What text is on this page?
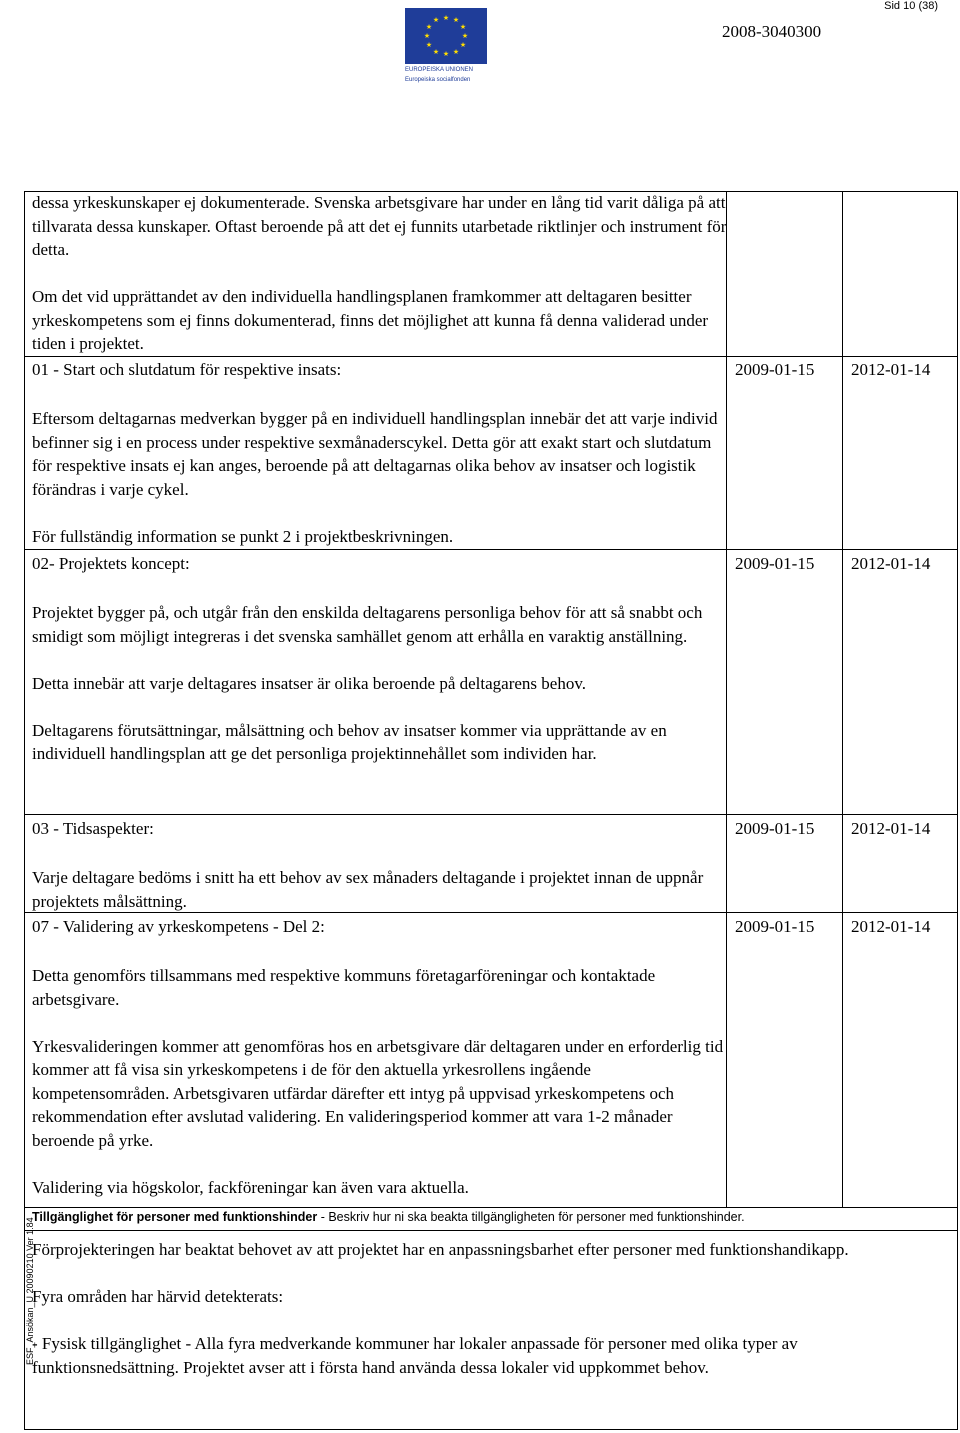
Sid 10 (38)
★ ★
★
★
★
★
★
★
★
★
★
★
EUROPEISKA UNIONEN
Europeiska socialfonden
2008-3040300
ESF_Ansökan_U 20090210 Ver 1.84

dessa yrkeskunskaper ej dokumenterade. Svenska arbetsgivare har under en lång tid varit dåliga på att tillvarata dessa kunskaper. Oftast beroende på att det ej funnits utarbetade riktlinjer och instrument för detta.

Om det vid upprättandet av den individuella handlingsplanen framkommer att deltagaren besitter yrkeskompetens som ej finns dokumenterad, finns det möjlighet att kunna få denna validerad under tiden i projektet.

01 - Start och slutdatum för respektive insats:	2009-01-15 2012-01-14

Eftersom deltagarnas medverkan bygger på en individuell handlingsplan innebär det att varje individ befinner sig i en process under respektive sexmånaderscykel. Detta gör att exakt start och slutdatum för respektive insats ej kan anges, beroende på att deltagarnas olika behov av insatser och logistik förändras i varje cykel.

För fullständig information se punkt 2 i projektbeskrivningen.

02- Projektets koncept:	2009-01-15 2012-01-14

Projektet bygger på, och utgår från den enskilda deltagarens personliga behov för att så snabbt och smidigt som möjligt integreras i det svenska samhället genom att erhålla en varaktig anställning.

Detta innebär att varje deltagares insatser är olika beroende på deltagarens behov.

Deltagarens förutsättningar, målsättning och behov av insatser kommer via upprättande av en individuell handlingsplan att ge det personliga projektinnehållet som individen har.

03 - Tidsaspekter:	2009-01-15 2012-01-14

Varje deltagare bedöms i snitt ha ett behov av sex månaders deltagande i projektet innan de uppnår projektets målsättning.

07 - Validering av yrkeskompetens - Del 2:	2009-01-15 2012-01-14

Detta genomförs tillsammans med respektive kommuns företagarföreningar och kontaktade arbetsgivare.

Yrkesvalideringen kommer att genomföras hos en arbetsgivare där deltagaren under en erforderlig tid kommer att få visa sin yrkeskompetens i de för den aktuella yrkesrollens ingående kompetensområden. Arbetsgivaren utfärdar därefter ett intyg på uppvisad yrkeskompetens och rekommendation efter avslutad validering. En valideringsperiod kommer att vara 1-2 månader beroende på yrke.

Validering via högskolor, fackföreningar kan även vara aktuella.

Tillgänglighet för personer med funktionshinder - Beskriv hur ni ska beakta tillgängligheten för personer med funktionshinder.

Förprojekteringen har beaktat behovet av att projektet har en anpassningsbarhet efter personer med funktionshandikapp.

Fyra områden har härvid detekterats:

- Fysisk tillgänglighet - Alla fyra medverkande kommuner har lokaler anpassade för personer med olika typer av funktionsnedsättning. Projektet avser att i första hand använda dessa lokaler vid uppkommet behov.
